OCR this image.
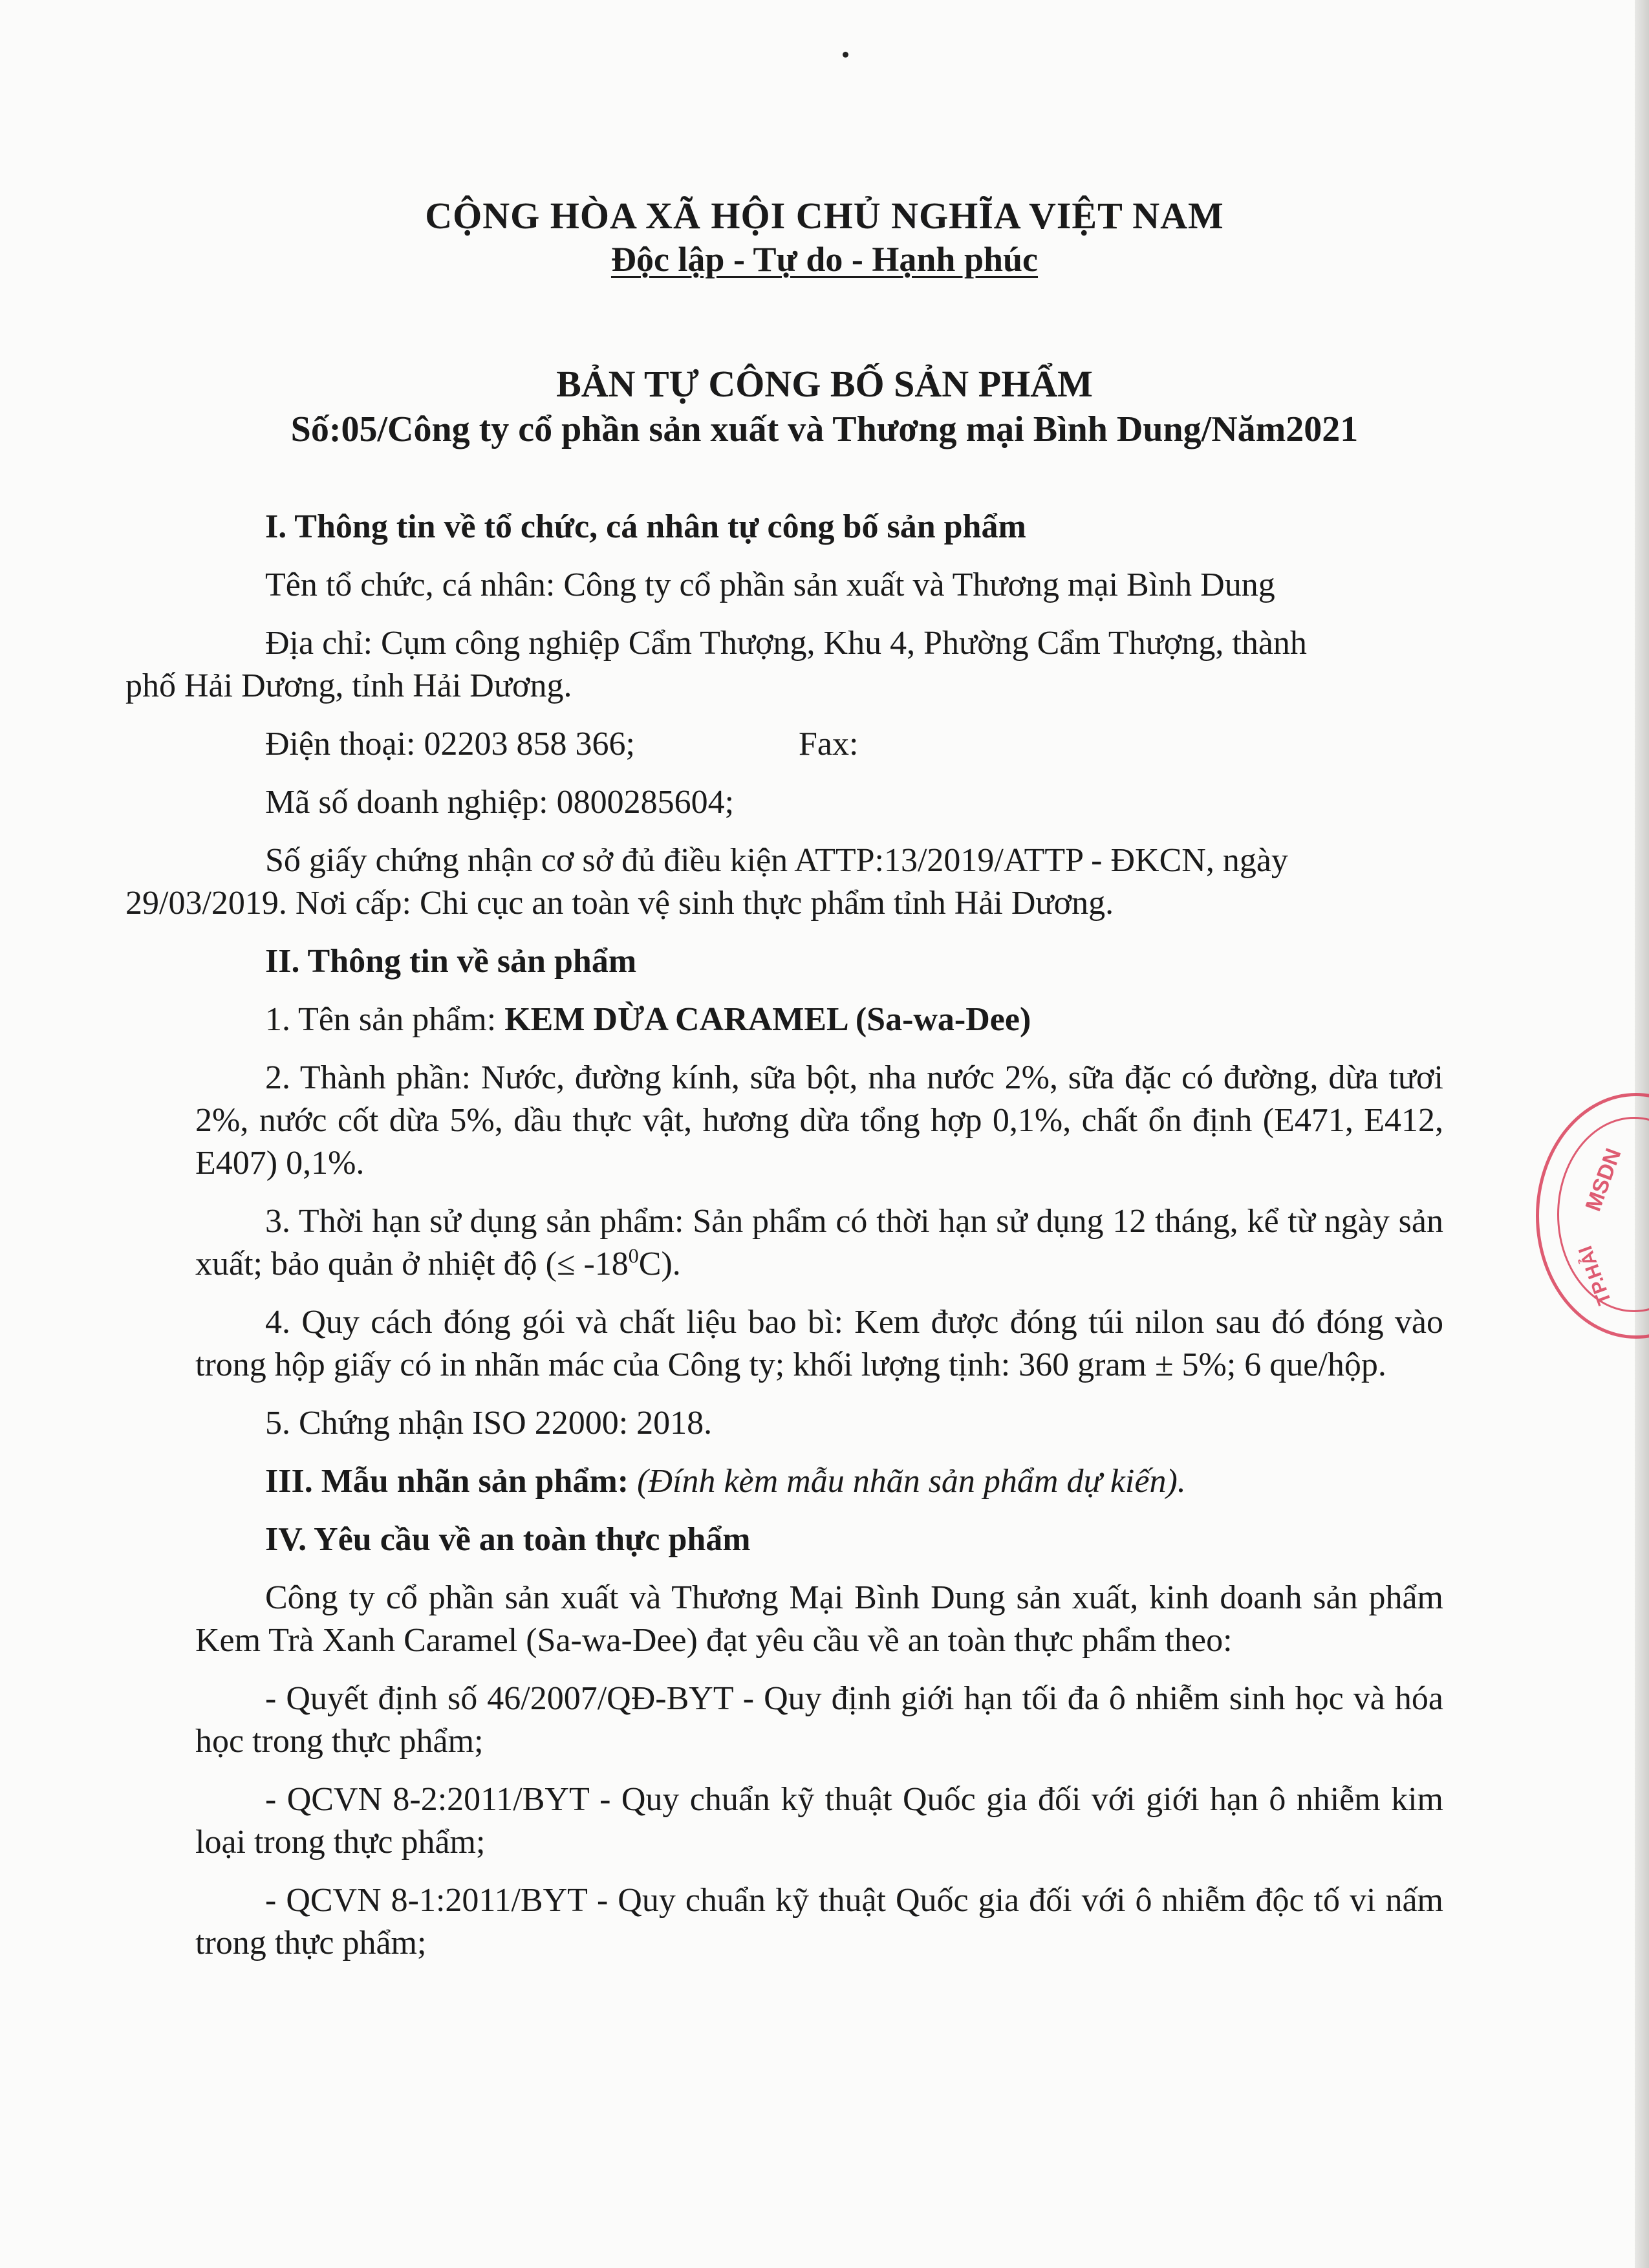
CỘNG HÒA XÃ HỘI CHỦ NGHĨA VIỆT NAM
Độc lập - Tự do - Hạnh phúc
BẢN TỰ CÔNG BỐ SẢN PHẨM
Số:05/Công ty cổ phần sản xuất và Thương mại Bình Dung/Năm2021

I. Thông tin về tổ chức, cá nhân tự công bố sản phẩm

Tên tổ chức, cá nhân: Công ty cổ phần sản xuất và Thương mại Bình Dung

Địa chỉ: Cụm công nghiệp Cẩm Thượng, Khu 4, Phường Cẩm Thượng, thành
phố Hải Dương, tỉnh Hải Dương.

Điện thoại: 02203 858 366;	Fax:

Mã số doanh nghiệp: 0800285604;

Số giấy chứng nhận cơ sở đủ điều kiện ATTP:13/2019/ATTP - ĐKCN, ngày
29/03/2019. Nơi cấp: Chi cục an toàn vệ sinh thực phẩm tỉnh Hải Dương.

II. Thông tin về sản phẩm

1. Tên sản phẩm: KEM DỪA CARAMEL (Sa-wa-Dee)

2. Thành phần: Nước, đường kính, sữa bột, nha nước 2%, sữa đặc có đường, dừa tươi 2%, nước cốt dừa 5%, dầu thực vật, hương dừa tổng hợp 0,1%, chất ổn định (E471, E412, E407) 0,1%.

3. Thời hạn sử dụng sản phẩm: Sản phẩm có thời hạn sử dụng 12 tháng, kể từ ngày sản xuất; bảo quản ở nhiệt độ (≤ $-18^0C$).

4. Quy cách đóng gói và chất liệu bao bì: Kem được đóng túi nilon sau đó đóng vào trong hộp giấy có in nhãn mác của Công ty; khối lượng tịnh: 360 gram ± 5%; 6 que/hộp.

5. Chứng nhận ISO 22000: 2018.

III. Mẫu nhãn sản phẩm: (Đính kèm mẫu nhãn sản phẩm dự kiến).

IV. Yêu cầu về an toàn thực phẩm

Công ty cổ phần sản xuất và Thương Mại Bình Dung sản xuất, kinh doanh sản phẩm Kem Trà Xanh Caramel (Sa-wa-Dee) đạt yêu cầu về an toàn thực phẩm theo:

- Quyết định số 46/2007/QĐ-BYT - Quy định giới hạn tối đa ô nhiễm sinh học và hóa học trong thực phẩm;

- QCVN 8-2:2011/BYT - Quy chuẩn kỹ thuật Quốc gia đối với giới hạn ô nhiễm kim loại trong thực phẩm;

- QCVN 8-1:2011/BYT - Quy chuẩn kỹ thuật Quốc gia đối với ô nhiễm độc tố vi nấm trong thực phẩm;

MSDN
TP.HẢI
